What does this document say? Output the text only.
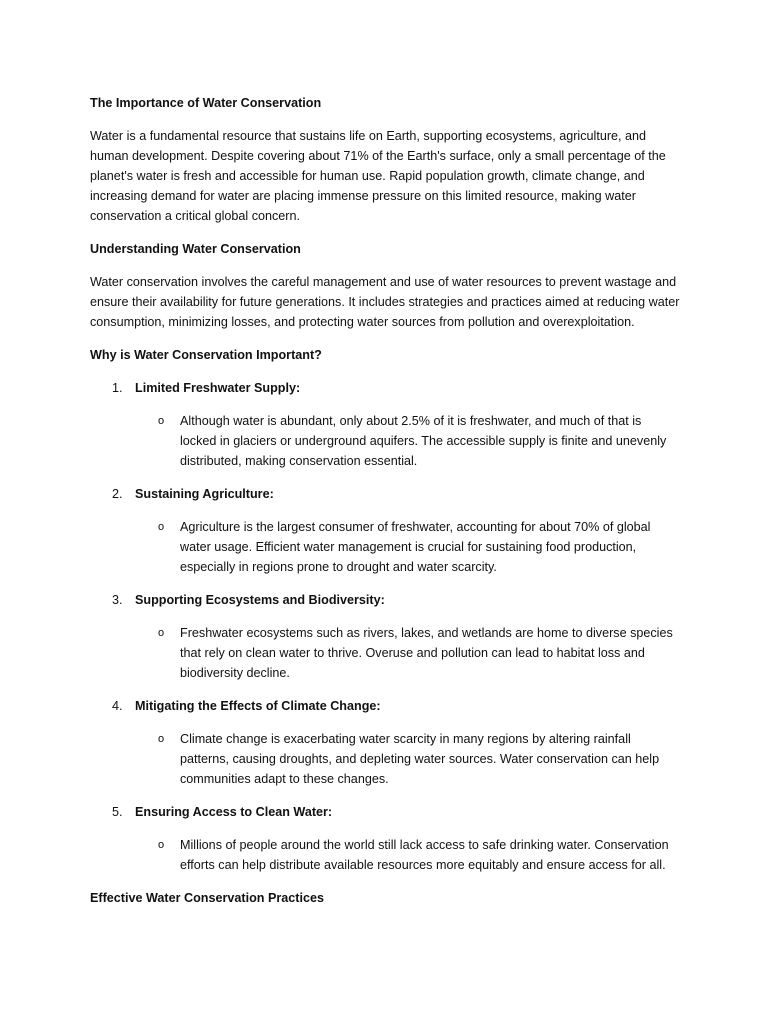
The Importance of Water Conservation
Water is a fundamental resource that sustains life on Earth, supporting ecosystems, agriculture, and human development. Despite covering about 71% of the Earth's surface, only a small percentage of the planet's water is fresh and accessible for human use. Rapid population growth, climate change, and increasing demand for water are placing immense pressure on this limited resource, making water conservation a critical global concern.
Understanding Water Conservation
Water conservation involves the careful management and use of water resources to prevent wastage and ensure their availability for future generations. It includes strategies and practices aimed at reducing water consumption, minimizing losses, and protecting water sources from pollution and overexploitation.
Why is Water Conservation Important?
1. Limited Freshwater Supply:
o Although water is abundant, only about 2.5% of it is freshwater, and much of that is locked in glaciers or underground aquifers. The accessible supply is finite and unevenly distributed, making conservation essential.
2. Sustaining Agriculture:
o Agriculture is the largest consumer of freshwater, accounting for about 70% of global water usage. Efficient water management is crucial for sustaining food production, especially in regions prone to drought and water scarcity.
3. Supporting Ecosystems and Biodiversity:
o Freshwater ecosystems such as rivers, lakes, and wetlands are home to diverse species that rely on clean water to thrive. Overuse and pollution can lead to habitat loss and biodiversity decline.
4. Mitigating the Effects of Climate Change:
o Climate change is exacerbating water scarcity in many regions by altering rainfall patterns, causing droughts, and depleting water sources. Water conservation can help communities adapt to these changes.
5. Ensuring Access to Clean Water:
o Millions of people around the world still lack access to safe drinking water. Conservation efforts can help distribute available resources more equitably and ensure access for all.
Effective Water Conservation Practices
